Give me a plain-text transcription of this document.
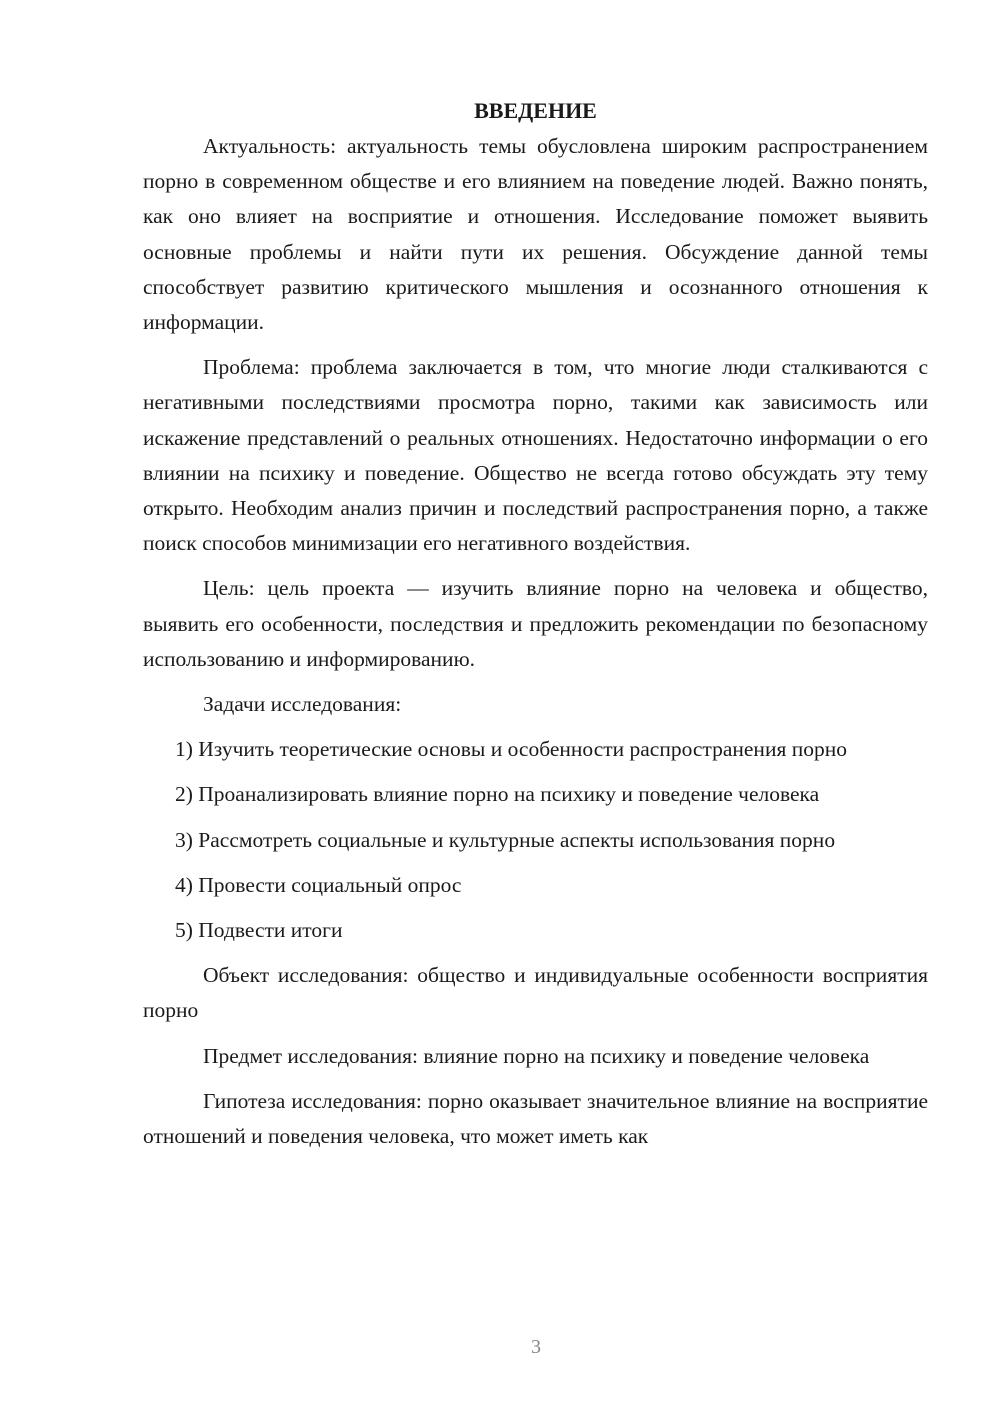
ВВЕДЕНИЕ

Актуальность: актуальность темы обусловлена широким распространением порно в современном обществе и его влиянием на поведение людей. Важно понять, как оно влияет на восприятие и отношения. Исследование поможет выявить основные проблемы и найти пути их решения. Обсуждение данной темы способствует развитию критического мышления и осознанного отношения к информации.

Проблема: проблема заключается в том, что многие люди сталкиваются с негативными последствиями просмотра порно, такими как зависимость или искажение представлений о реальных отношениях. Недостаточно информации о его влиянии на психику и поведение. Общество не всегда готово обсуждать эту тему открыто. Необходим анализ причин и последствий распространения порно, а также поиск способов минимизации его негативного воздействия.

Цель: цель проекта — изучить влияние порно на человека и общество, выявить его особенности, последствия и предложить рекомендации по безопасному использованию и информированию.

Задачи исследования:

1) Изучить теоретические основы и особенности распространения порно

2) Проанализировать влияние порно на психику и поведение человека

3) Рассмотреть социальные и культурные аспекты использования порно

4) Провести социальный опрос

5) Подвести итоги

Объект исследования: общество и индивидуальные особенности восприятия порно

Предмет исследования: влияние порно на психику и поведение человека

Гипотеза исследования: порно оказывает значительное влияние на восприятие отношений и поведения человека, что может иметь как

3
